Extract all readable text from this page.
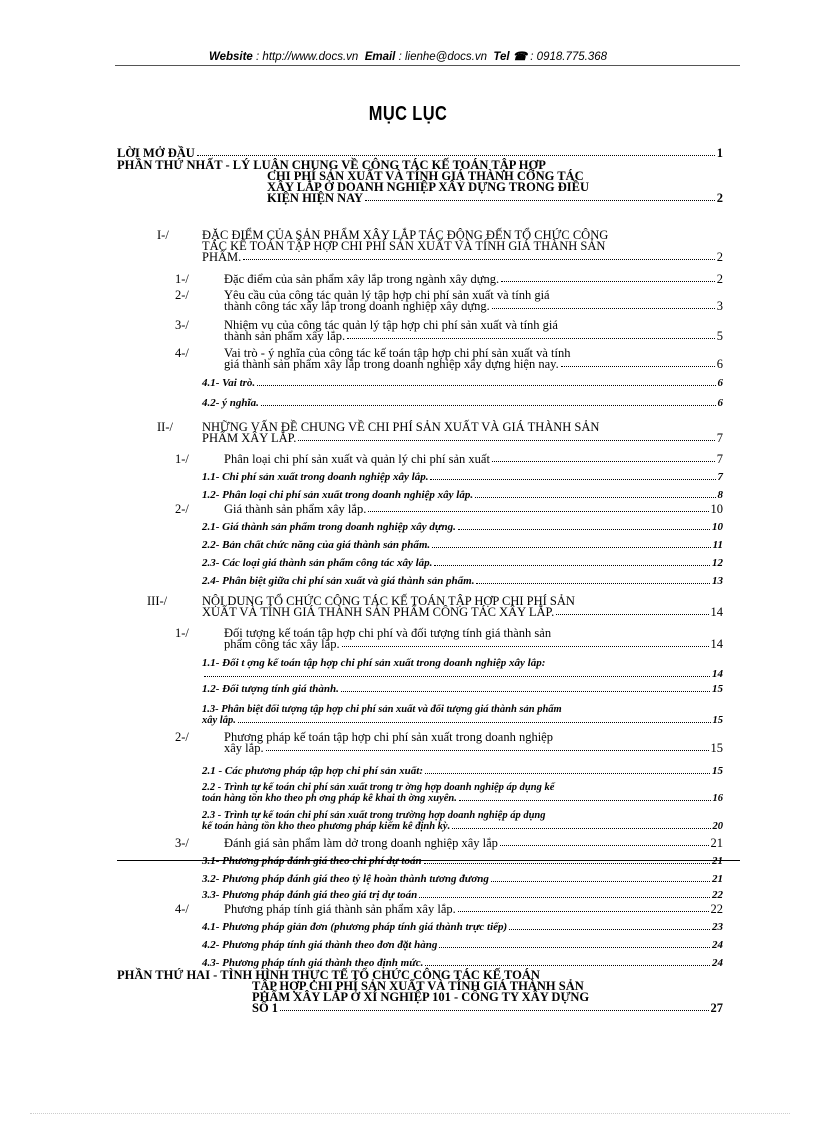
Website : http://www.docs.vn Email : lienhe@docs.vn Tel ☎ : 0918.775.368
MỤC LỤC
LỜI MỞ ĐẦU	1
PHẦN THỨ NHẤT - LÝ LUẬN CHUNG VỀ CÔNG TÁC KẾ TOÁN TẬP HỢP
CHI PHÍ SẢN XUẤT VÀ TÍNH GIÁ THÀNH CÔNG TÁC
XÂY LẮP Ở DOANH NGHIỆP XÂY DỰNG TRONG ĐIỀU
KIỆN HIỆN NAY	2
I-/	ĐẶC ĐIỂM CỦA SẢN PHẨM XÂY LẮP TÁC ĐỘNG ĐẾN TỔ CHỨC CÔNG
TÁC KẾ TOÁN TẬP HỢP CHI PHÍ SẢN XUẤT VÀ TÍNH GIÁ THÀNH SẢN
PHẨM.	2
1-/	Đặc điểm của sản phẩm xây lắp trong ngành xây dựng.	2
2-/	Yêu cầu của công tác quản lý tập hợp chi phí sản xuất và tính giá
thành công tác xây lắp trong doanh nghiệp xây dựng.	3
3-/	Nhiệm vụ của công tác quản lý tập hợp chi phí sản xuất và tính giá
thành sản phẩm xây lắp.	5
4-/	Vai trò - ý nghĩa của công tác kế toán tập hợp chi phí sản xuất và tính
giá thành sản phẩm xây lắp trong doanh nghiệp xây dựng hiện nay.	6
4.1- Vai trò.	6
4.2- ý nghĩa.	6
II-/	NHỮNG VẤN ĐỀ CHUNG VỀ CHI PHÍ SẢN XUẤT VÀ GIÁ THÀNH SẢN
PHẨM XÂY LẮP.	7
1-/	Phân loại chi phí sản xuất và quản lý chi phí sản xuất	7
1.1- Chi phí sản xuất trong doanh nghiệp xây lắp.	7
1.2- Phân loại chi phí sản xuất trong doanh nghiệp xây lắp.	8
2-/	Giá thành sản phẩm xây lắp.	10
2.1- Giá thành sản phẩm trong doanh nghiệp xây dựng.	10
2.2- Bản chất chức năng của giá thành sản phẩm.	11
2.3- Các loại giá thành sản phẩm công tác xây lắp.	12
2.4- Phân biệt giữa chi phí sản xuất và giá thành sản phẩm.	13
III-/	NỘI DUNG TỔ CHỨC CÔNG TÁC KẾ TOÁN TẬP HỢP CHI PHÍ SẢN
XUẤT VÀ TÍNH GIÁ THÀNH SẢN PHẨM CÔNG TÁC XÂY LẮP.	14
1-/	Đối tượng kế toán tập hợp chi phí và đối tượng tính giá thành sản
phẩm công tác xây lắp.	14
1.1- Đối t ợng kế toán tập hợp chi phí sản xuất trong doanh nghiệp xây lắp:
14
1.2- Đối tượng tính giá thành.	15
1.3- Phân biệt đối tượng tập hợp chi phí sản xuất và đối tượng giá thành sản phẩm
xây lắp.	15
2-/	Phương pháp kế toán tập hợp chi phí sản xuất trong doanh nghiệp
xây lắp.	15
2.1 - Các phương pháp tập hợp chi phí sản xuất:	15
2.2 - Trình tự kế toán chi phí sản xuất trong tr ờng hợp doanh nghiệp áp dụng kế
toán hàng tồn kho theo ph ơng pháp kê khai th ờng xuyên.	16
2.3 - Trình tự kế toán chi phí sản xuất trong trường hợp doanh nghiệp áp dụng
kế toán hàng tồn kho theo phương pháp kiểm kê định kỳ.	20
3-/	Đánh giá sản phẩm làm dở trong doanh nghiệp xây lắp	21
3.1- Phương pháp đánh giá theo chi phí dự toán	21
3.2- Phương pháp đánh giá theo tỷ lệ hoàn thành tương đương	21
3.3- Phương pháp đánh giá theo giá trị dự toán	22
4-/	Phương pháp tính giá thành sản phẩm xây lắp.	22
4.1- Phương pháp giản đơn (phương pháp tính giá thành trực tiếp)	23
4.2- Phương pháp tính giá thành theo đơn đặt hàng	24
4.3- Phương pháp tính giá thành theo định mức.	24
PHẦN THỨ HAI - TÌNH HÌNH THỰC TẾ TỔ CHỨC CÔNG TÁC KẾ TOÁN
TẬP HỢP CHI PHÍ SẢN XUẤT VÀ TÍNH GIÁ THÀNH SẢN
PHẨM XÂY LẮP Ở XÍ NGHIỆP 101 - CÔNG TY XÂY DỰNG
SỐ 1	27
